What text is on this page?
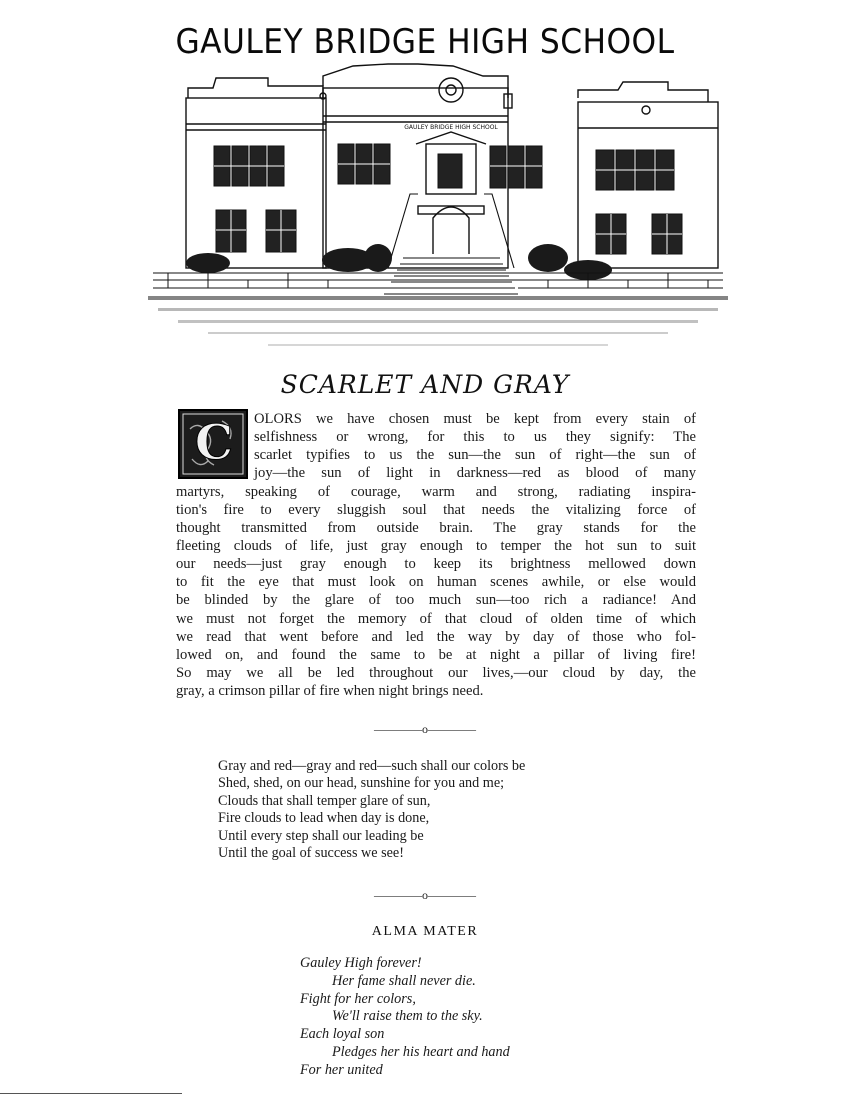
GAULEY BRIDGE HIGH SCHOOL
GAULEY BRIDGE HIGH SCHOOL
SCARLET AND GRAY
C	OLORS we have chosen must be kept from every stain of
selfishness or wrong, for this to us they signify: The
scarlet typifies to us the sun—the sun of right—the sun of
joy—the sun of light in darkness—red as blood of many
martyrs, speaking of courage, warm and strong, radiating inspira-
tion's fire to every sluggish soul that needs the vitalizing force of
thought transmitted from outside brain. The gray stands for the
fleeting clouds of life, just gray enough to temper the hot sun to suit
our needs—just gray enough to keep its brightness mellowed down
to fit the eye that must look on human scenes awhile, or else would
be blinded by the glare of too much sun—too rich a radiance! And
we must not forget the memory of that cloud of olden time of which
we read that went before and led the way by day of those who fol-
lowed on, and found the same to be at night a pillar of living fire!
So may we all be led throughout our lives,—our cloud by day, the
gray, a crimson pillar of fire when night brings need.
————o————
Gray and red—gray and red—such shall our colors be
Shed, shed, on our head, sunshine for you and me;
Clouds that shall temper glare of sun,
Fire clouds to lead when day is done,
Until every step shall our leading be
Until the goal of success we see!
————o————
ALMA MATER
Gauley High forever!
Her fame shall never die.
Fight for her colors,
We'll raise them to the sky.
Each loyal son
Pledges her his heart and hand
For her united
